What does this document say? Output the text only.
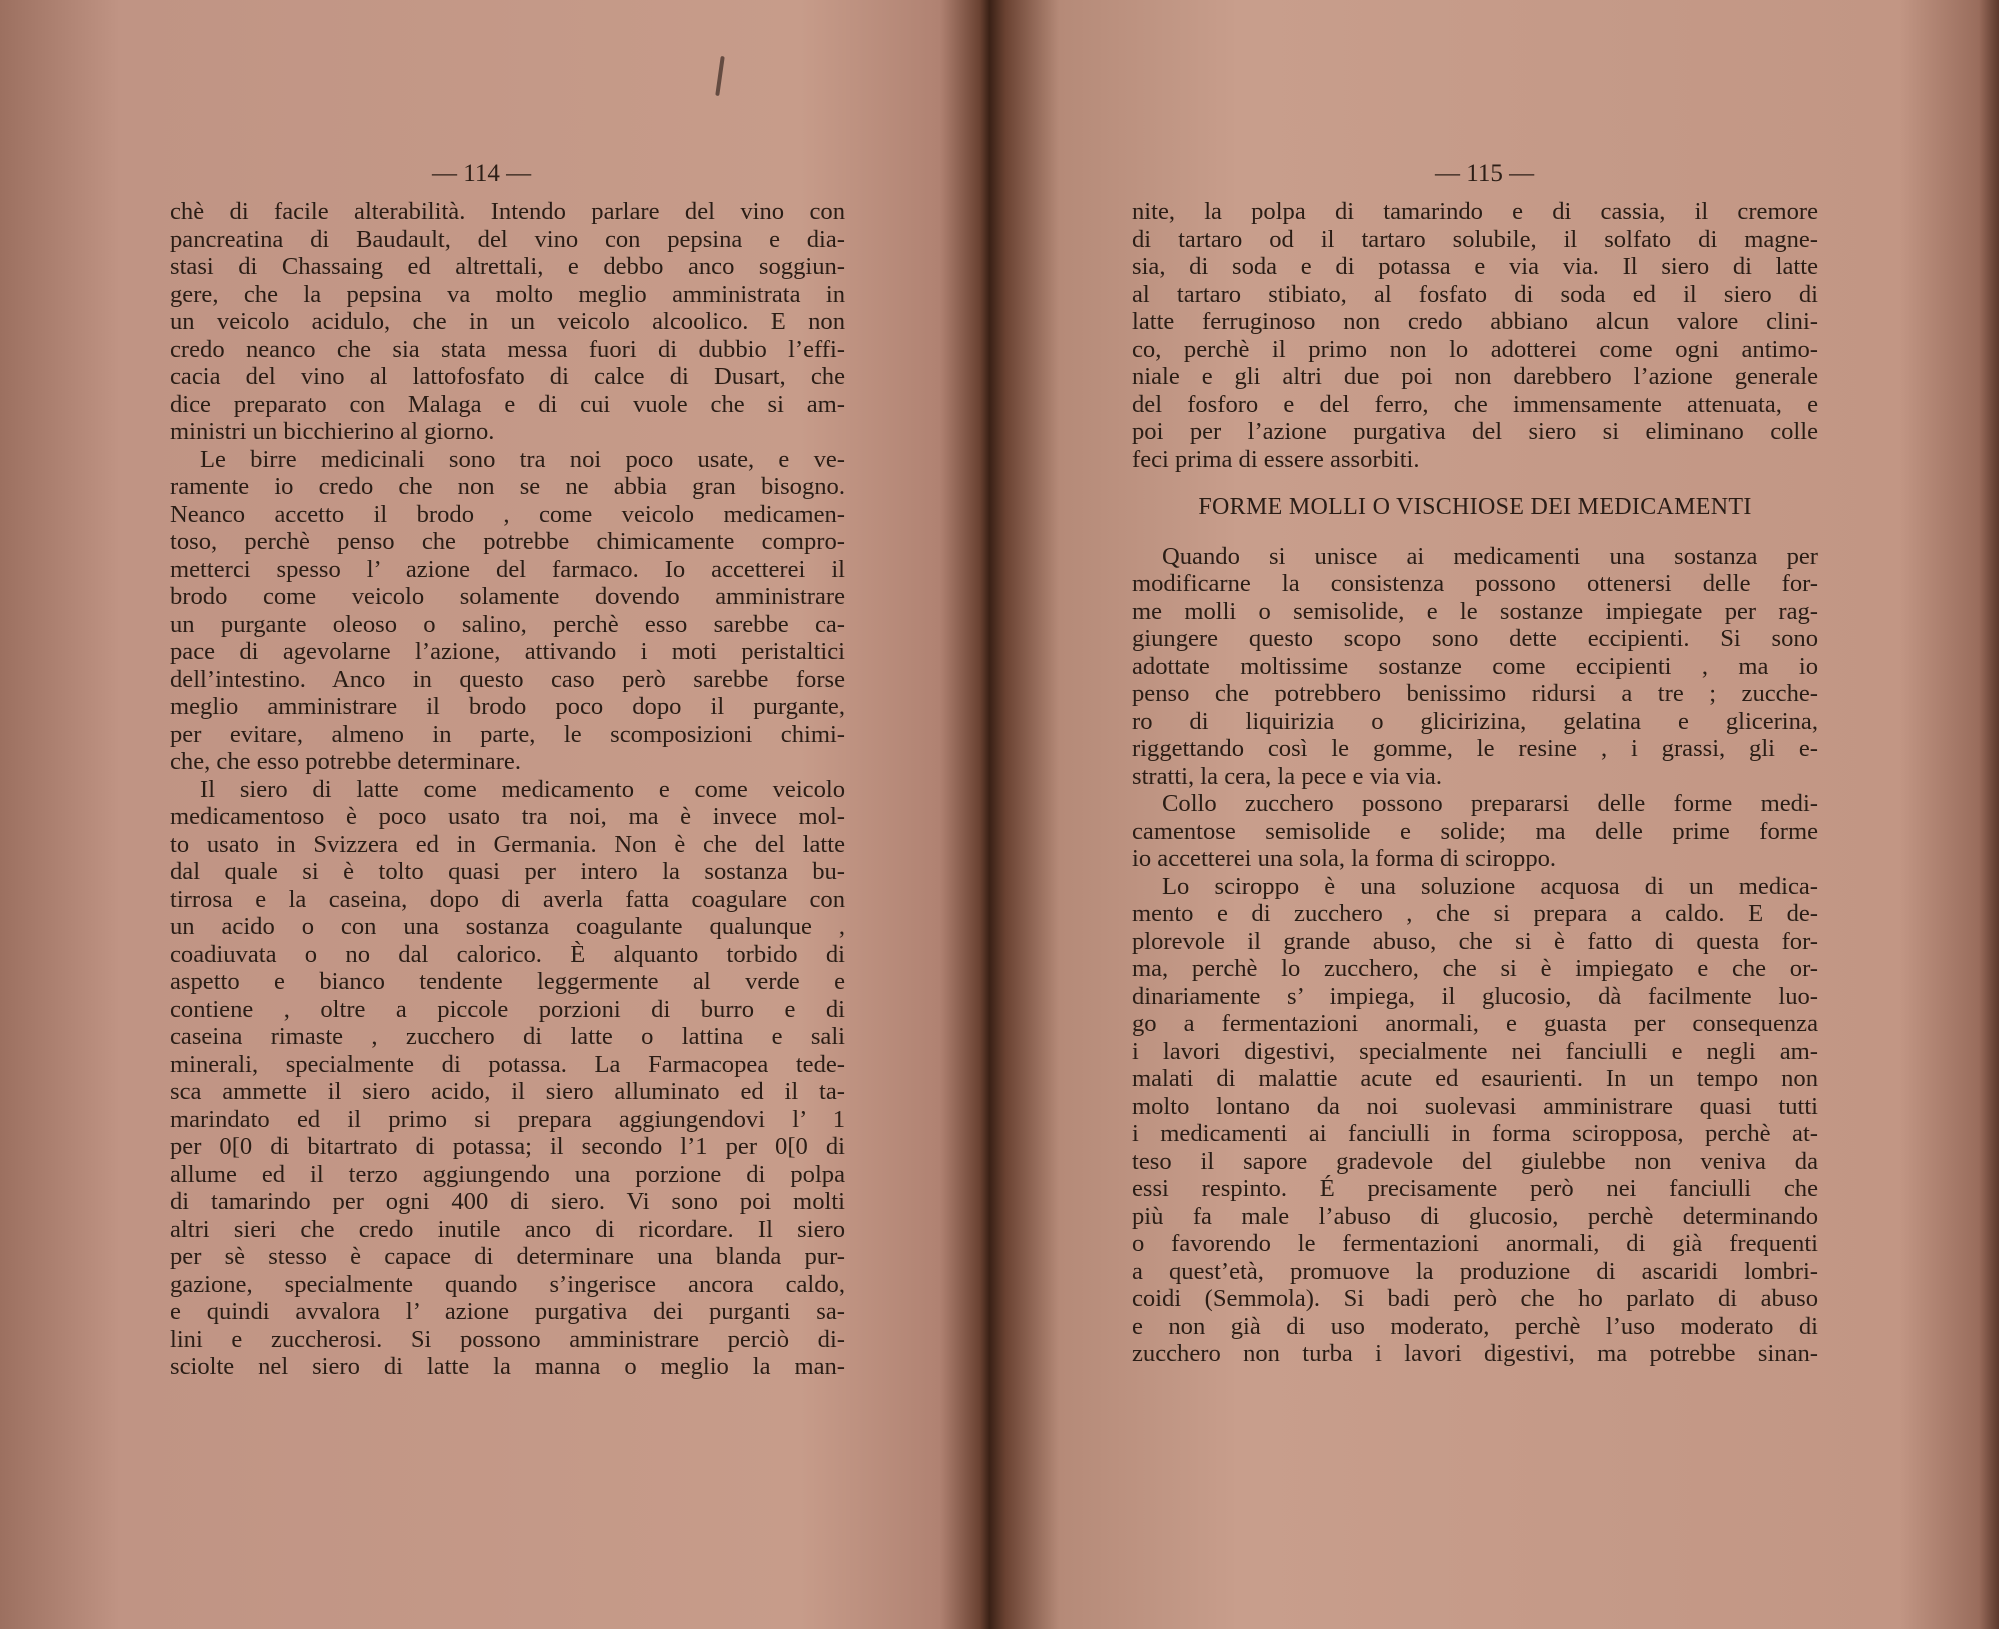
— 114 —

chè di facile alterabilità. Intendo parlare del vino con

pancreatina di Baudault, del vino con pepsina e dia-

stasi di Chassaing ed altrettali, e debbo anco soggiun-

gere, che la pepsina va molto meglio amministrata in

un veicolo acidulo, che in un veicolo alcoolico. E non

credo neanco che sia stata messa fuori di dubbio l’effi-

cacia del vino al lattofosfato di calce di Dusart, che

dice preparato con Malaga e di cui vuole che si am-

ministri un bicchierino al giorno.

Le birre medicinali sono tra noi poco usate, e ve-

ramente io credo che non se ne abbia gran bisogno.

Neanco accetto il brodo , come veicolo medicamen-

toso, perchè penso che potrebbe chimicamente compro-

metterci spesso l’ azione del farmaco. Io accetterei il

brodo come veicolo solamente dovendo amministrare

un purgante oleoso o salino, perchè esso sarebbe ca-

pace di agevolarne l’azione, attivando i moti peristaltici

dell’intestino. Anco in questo caso però sarebbe forse

meglio amministrare il brodo poco dopo il purgante,

per evitare, almeno in parte, le scomposizioni chimi-

che, che esso potrebbe determinare.

Il siero di latte come medicamento e come veicolo

medicamentoso è poco usato tra noi, ma è invece mol-

to usato in Svizzera ed in Germania. Non è che del latte

dal quale si è tolto quasi per intero la sostanza bu-

tirrosa e la caseina, dopo di averla fatta coagulare con

un acido o con una sostanza coagulante qualunque ,

coadiuvata o no dal calorico. È alquanto torbido di

aspetto e bianco tendente leggermente al verde e

contiene , oltre a piccole porzioni di burro e di

caseina rimaste , zucchero di latte o lattina e sali

minerali, specialmente di potassa. La Farmacopea tede-

sca ammette il siero acido, il siero alluminato ed il ta-

marindato ed il primo si prepara aggiungendovi l’ 1

per 0[0 di bitartrato di potassa; il secondo l’1 per 0[0 di

allume ed il terzo aggiungendo una porzione di polpa

di tamarindo per ogni 400 di siero. Vi sono poi molti

altri sieri che credo inutile anco di ricordare. Il siero

per sè stesso è capace di determinare una blanda pur-

gazione, specialmente quando s’ingerisce ancora caldo,

e quindi avvalora l’ azione purgativa dei purganti sa-

lini e zuccherosi. Si possono amministrare perciò di-

sciolte nel siero di latte la manna o meglio la man-

— 115 —

nite, la polpa di tamarindo e di cassia, il cremore

di tartaro od il tartaro solubile, il solfato di magne-

sia, di soda e di potassa e via via. Il siero di latte

al tartaro stibiato, al fosfato di soda ed il siero di

latte ferruginoso non credo abbiano alcun valore clini-

co, perchè il primo non lo adotterei come ogni antimo-

niale e gli altri due poi non darebbero l’azione generale

del fosforo e del ferro, che immensamente attenuata, e

poi per l’azione purgativa del siero si eliminano colle

feci prima di essere assorbiti.

FORME MOLLI O VISCHIOSE DEI MEDICAMENTI

Quando si unisce ai medicamenti una sostanza per

modificarne la consistenza possono ottenersi delle for-

me molli o semisolide, e le sostanze impiegate per rag-

giungere questo scopo sono dette eccipienti. Si sono

adottate moltissime sostanze come eccipienti , ma io

penso che potrebbero benissimo ridursi a tre ; zucche-

ro di liquirizia o glicirizina, gelatina e glicerina,

riggettando così le gomme, le resine , i grassi, gli e-

stratti, la cera, la pece e via via.

Collo zucchero possono prepararsi delle forme medi-

camentose semisolide e solide; ma delle prime forme

io accetterei una sola, la forma di sciroppo.

Lo sciroppo è una soluzione acquosa di un medica-

mento e di zucchero , che si prepara a caldo. E de-

plorevole il grande abuso, che si è fatto di questa for-

ma, perchè lo zucchero, che si è impiegato e che or-

dinariamente s’ impiega, il glucosio, dà facilmente luo-

go a fermentazioni anormali, e guasta per consequenza

i lavori digestivi, specialmente nei fanciulli e negli am-

malati di malattie acute ed esaurienti. In un tempo non

molto lontano da noi suolevasi amministrare quasi tutti

i medicamenti ai fanciulli in forma sciropposa, perchè at-

teso il sapore gradevole del giulebbe non veniva da

essi respinto. É precisamente però nei fanciulli che

più fa male l’abuso di glucosio, perchè determinando

o favorendo le fermentazioni anormali, di già frequenti

a quest’età, promuove la produzione di ascaridi lombri-

coidi (Semmola). Si badi però che ho parlato di abuso

e non già di uso moderato, perchè l’uso moderato di

zucchero non turba i lavori digestivi, ma potrebbe sinan-
